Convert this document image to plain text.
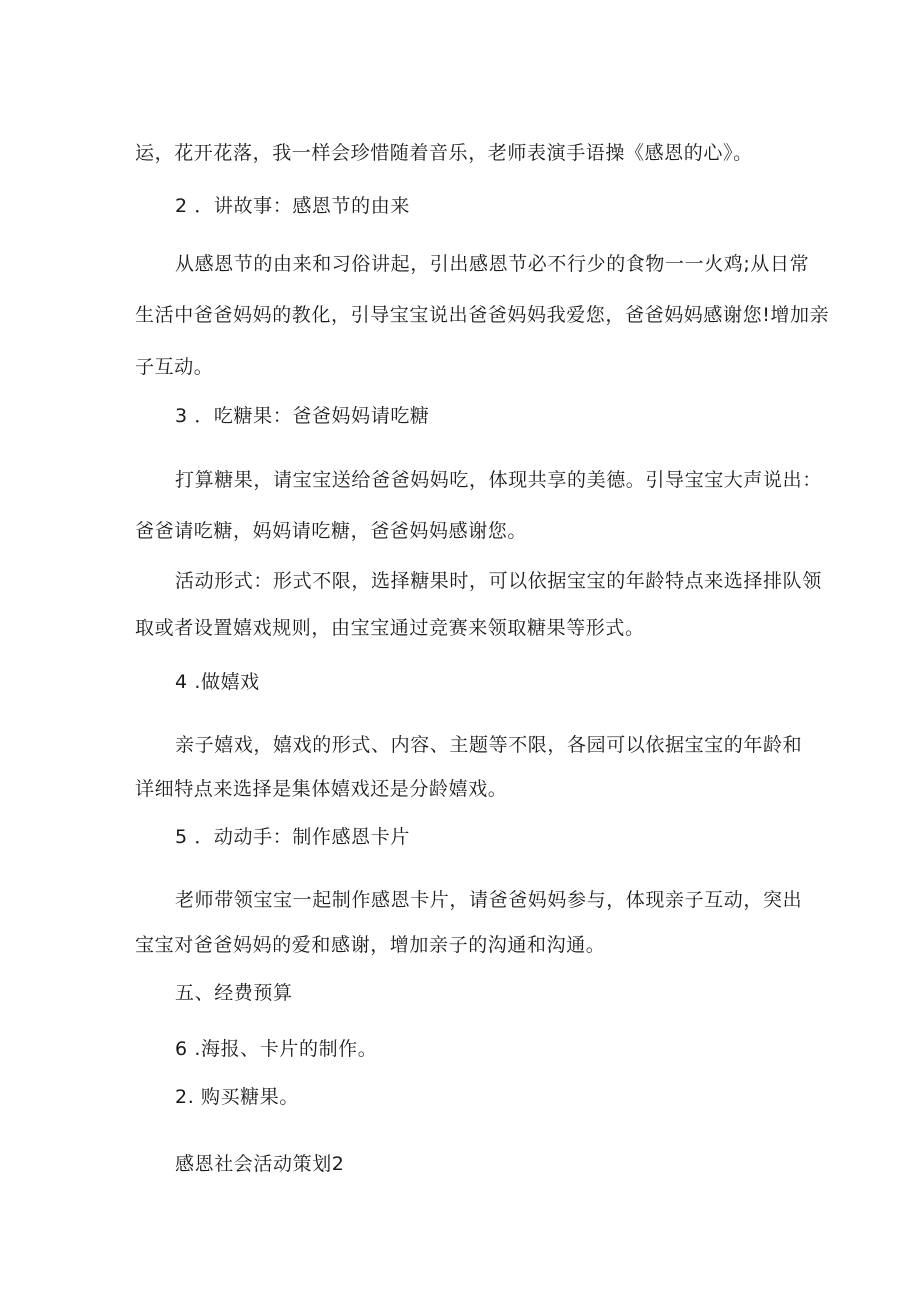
运，花开花落，我一样会珍惜随着音乐，老师表演手语操《感恩的心》。

2 ．讲故事：感恩节的由来

从感恩节的由来和习俗讲起，引出感恩节必不行少的食物一一火鸡;从日常

生活中爸爸妈妈的教化，引导宝宝说出爸爸妈妈我爱您，爸爸妈妈感谢您!增加亲

子互动。

3 ．吃糖果：爸爸妈妈请吃糖

打算糖果，请宝宝送给爸爸妈妈吃，体现共享的美德。引导宝宝大声说出：

爸爸请吃糖，妈妈请吃糖，爸爸妈妈感谢您。

活动形式：形式不限，选择糖果时，可以依据宝宝的年龄特点来选择排队领

取或者设置嬉戏规则，由宝宝通过竞赛来领取糖果等形式。

4 .做嬉戏

亲子嬉戏，嬉戏的形式、内容、主题等不限，各园可以依据宝宝的年龄和

详细特点来选择是集体嬉戏还是分龄嬉戏。

5 ．动动手：制作感恩卡片

老师带领宝宝一起制作感恩卡片，请爸爸妈妈参与，体现亲子互动，突出

宝宝对爸爸妈妈的爱和感谢，增加亲子的沟通和沟通。

五、经费预算

6 .海报、卡片的制作。

2. 购买糖果。

感恩社会活动策划2
